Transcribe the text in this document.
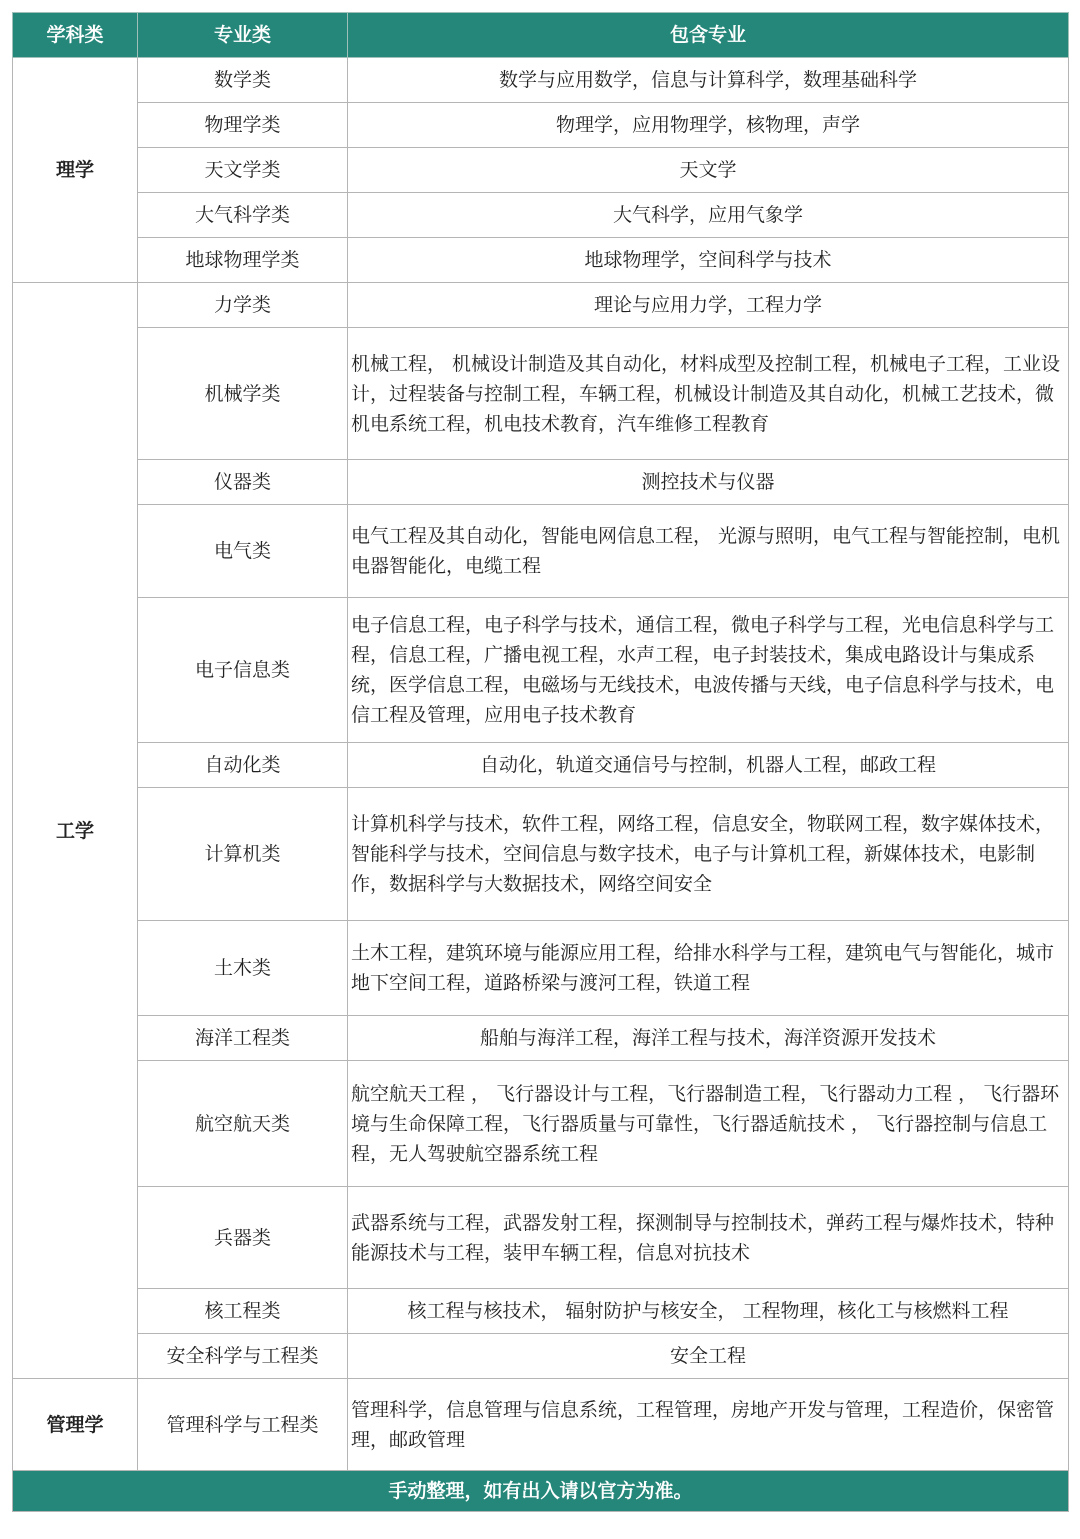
学科类	专业类	包含专业
理学	数学类	数学与应用数学，信息与计算科学，数理基础科学
	物理学类	物理学，应用物理学，核物理，声学
	天文学类	天文学
	大气科学类	大气科学，应用气象学
	地球物理学类	地球物理学，空间科学与技术
工学	力学类	理论与应用力学，工程力学
	机械学类	机械工程， 机械设计制造及其自动化，材料成型及控制工程，机械电子工程，工业设计，过程装备与控制工程，车辆工程，机械设计制造及其自动化，机械工艺技术，微机电系统工程，机电技术教育，汽车维修工程教育
	仪器类	测控技术与仪器
	电气类	电气工程及其自动化，智能电网信息工程， 光源与照明，电气工程与智能控制，电机电器智能化，电缆工程
	电子信息类	电子信息工程，电子科学与技术，通信工程，微电子科学与工程，光电信息科学与工程，信息工程，广播电视工程，水声工程，电子封装技术，集成电路设计与集成系统，医学信息工程，电磁场与无线技术，电波传播与天线，电子信息科学与技术，电信工程及管理，应用电子技术教育
	自动化类	自动化，轨道交通信号与控制，机器人工程，邮政工程
	计算机类	计算机科学与技术，软件工程，网络工程，信息安全，物联网工程，数字媒体技术，智能科学与技术，空间信息与数字技术，电子与计算机工程，新媒体技术，电影制作，数据科学与大数据技术，网络空间安全
	土木类	土木工程，建筑环境与能源应用工程，给排水科学与工程，建筑电气与智能化，城市地下空间工程，道路桥梁与渡河工程，铁道工程
	海洋工程类	船舶与海洋工程，海洋工程与技术，海洋资源开发技术
	航空航天类	航空航天工程 ， 飞行器设计与工程，飞行器制造工程，飞行器动力工程 ， 飞行器环境与生命保障工程，飞行器质量与可靠性，飞行器适航技术 ， 飞行器控制与信息工程，无人驾驶航空器系统工程
	兵器类	武器系统与工程，武器发射工程，探测制导与控制技术，弹药工程与爆炸技术，特种能源技术与工程，装甲车辆工程，信息对抗技术
	核工程类	核工程与核技术， 辐射防护与核安全， 工程物理，核化工与核燃料工程
	安全科学与工程类	安全工程
管理学	管理科学与工程类	管理科学，信息管理与信息系统，工程管理，房地产开发与管理，工程造价，保密管理，邮政管理
手动整理，如有出入请以官方为准。		
